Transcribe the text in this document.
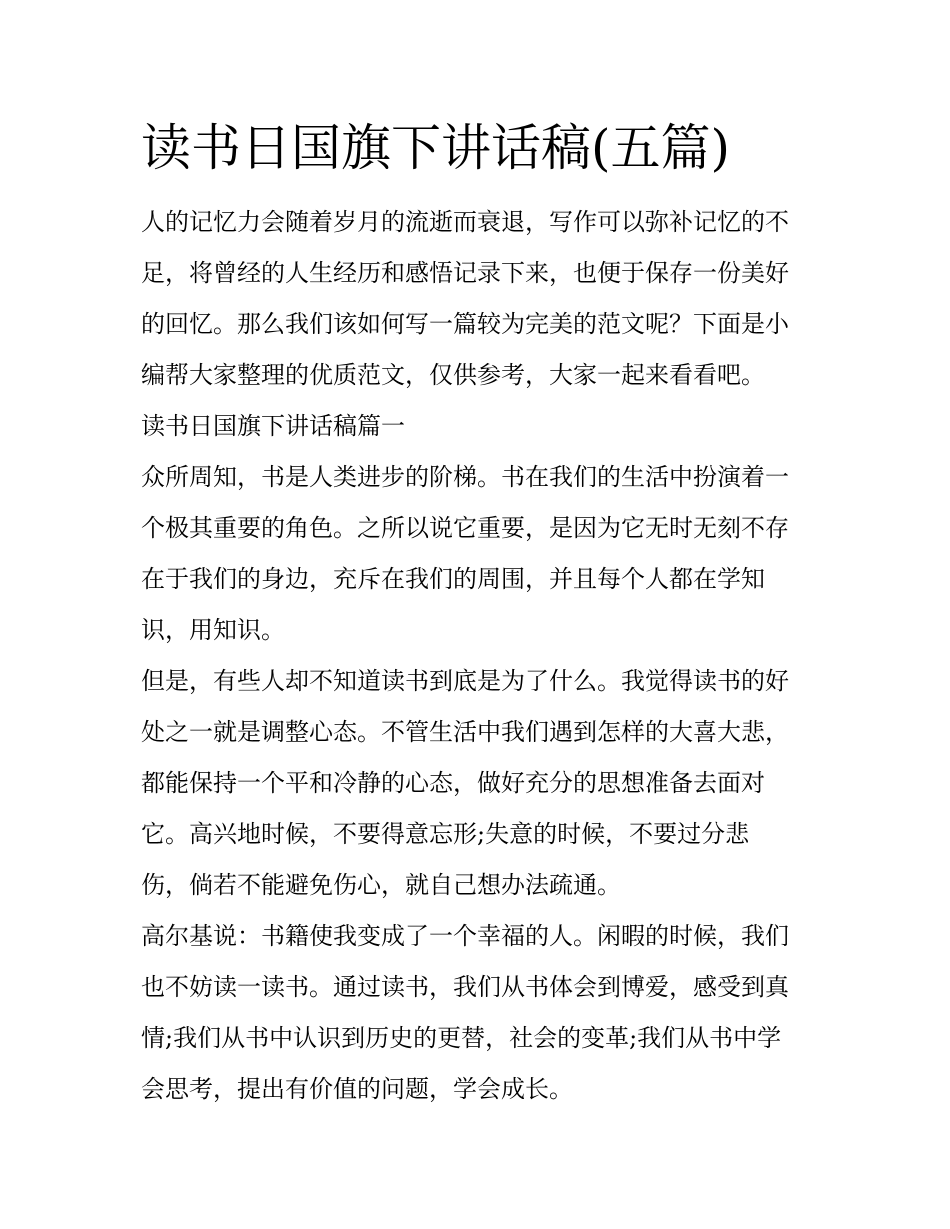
读书日国旗下讲话稿(五篇)

人的记忆力会随着岁月的流逝而衰退，写作可以弥补记忆的不
足，将曾经的人生经历和感悟记录下来，也便于保存一份美好
的回忆。那么我们该如何写一篇较为完美的范文呢？下面是小
编帮大家整理的优质范文，仅供参考，大家一起来看看吧。

读书日国旗下讲话稿篇一

众所周知，书是人类进步的阶梯。书在我们的生活中扮演着一
个极其重要的角色。之所以说它重要，是因为它无时无刻不存
在于我们的身边，充斥在我们的周围，并且每个人都在学知
识，用知识。

但是，有些人却不知道读书到底是为了什么。我觉得读书的好
处之一就是调整心态。不管生活中我们遇到怎样的大喜大悲，
都能保持一个平和冷静的心态，做好充分的思想准备去面对
它。高兴地时候，不要得意忘形;失意的时候，不要过分悲
伤，倘若不能避免伤心，就自己想办法疏通。

高尔基说：书籍使我变成了一个幸福的人。闲暇的时候，我们
也不妨读一读书。通过读书，我们从书体会到博爱，感受到真
情;我们从书中认识到历史的更替，社会的变革;我们从书中学
会思考，提出有价值的问题，学会成长。
